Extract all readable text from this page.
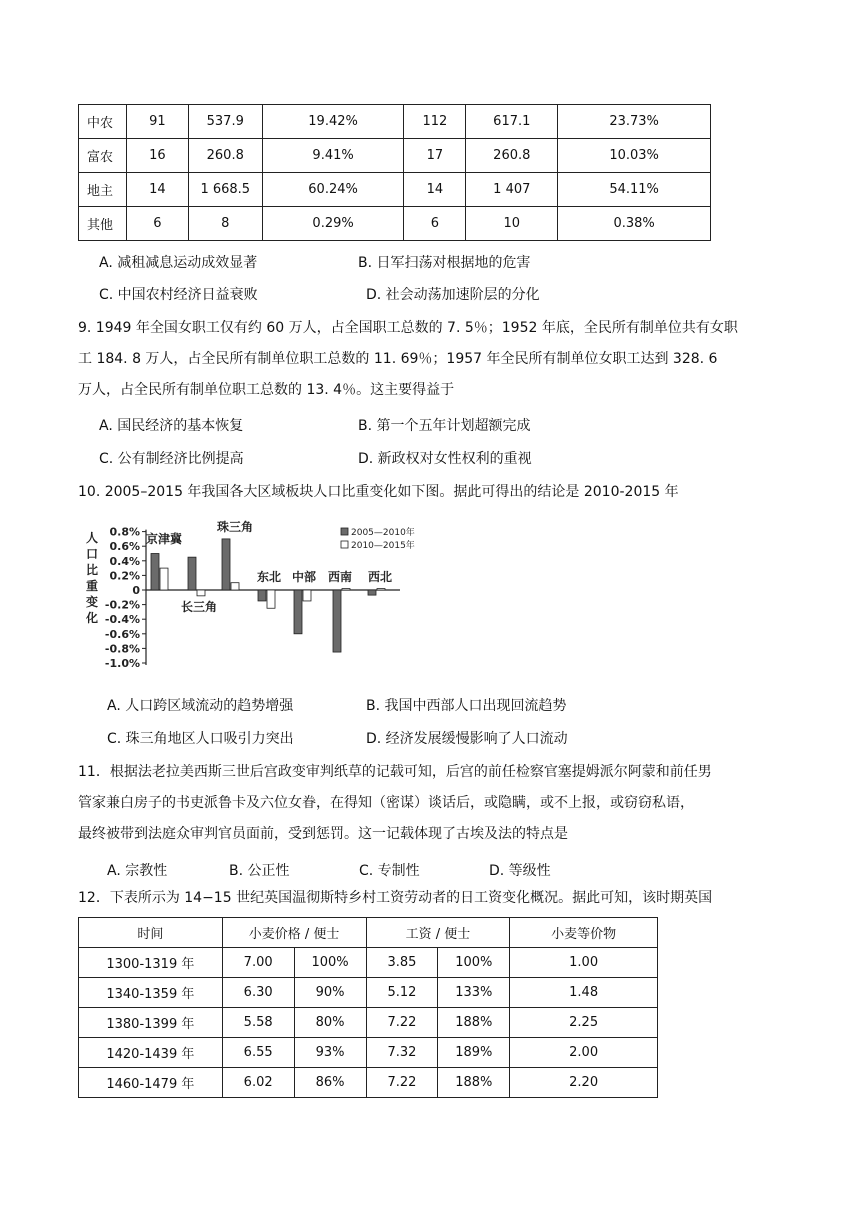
中农	91	537.9	19.42%	112	617.1	23.73%
富农	16	260.8	9.41%	17	260.8	10.03%
地主	14	1 668.5	60.24%	14	1 407	54.11%
其他	6	8	0.29%	6	10	0.38%
A. 减租减息运动成效显著	B. 日军扫荡对根据地的危害
C. 中国农村经济日益衰败	D. 社会动荡加速阶层的分化
9. 1949 年全国女职工仅有约 60 万人，占全国职工总数的 7. 5％；1952 年底，全民所有制单位共有女职
工 184. 8 万人，占全民所有制单位职工总数的 11. 69％；1957 年全民所有制单位女职工达到 328. 6
万人，占全民所有制单位职工总数的 13. 4％。这主要得益于
A. 国民经济的基本恢复	B. 第一个五年计划超额完成
C. 公有制经济比例提高	D. 新政权对女性权利的重视
10. 2005–2015 年我国各大区域板块人口比重变化如下图。据此可得出的结论是 2010-2015 年
0.8%
0.6%
0.4%
0.2%
0
-0.2%
-0.4%
-0.6%
-0.8%
-1.0%
人
口
比
重
变
化
京津冀
长三角
珠三角
东北 中部 西南 西北
2005—2010年
2010—2015年
A. 人口跨区域流动的趋势增强	B. 我国中西部人口出现回流趋势
C. 珠三角地区人口吸引力突出	D. 经济发展缓慢影响了人口流动
11．根据法老拉美西斯三世后宫政变审判纸草的记载可知，后宫的前任检察官塞提姆派尔阿蒙和前任男
管家兼白房子的书吏派鲁卡及六位女眷，在得知（密谋）谈话后，或隐瞒，或不上报，或窃窃私语，
最终被带到法庭众审判官员面前，受到惩罚。这一记载体现了古埃及法的特点是
A. 宗教性	B. 公正性	C. 专制性	D. 等级性
12．下表所示为 14−15 世纪英国温彻斯特乡村工资劳动者的日工资变化概况。据此可知，该时期英国
时间	小麦价格 / 便士		工资 / 便士		小麦等价物
1300-1319 年	7.00	100%	3.85	100%	1.00
1340-1359 年	6.30	90%	5.12	133%	1.48
1380-1399 年	5.58	80%	7.22	188%	2.25
1420-1439 年	6.55	93%	7.32	189%	2.00
1460-1479 年	6.02	86%	7.22	188%	2.20
